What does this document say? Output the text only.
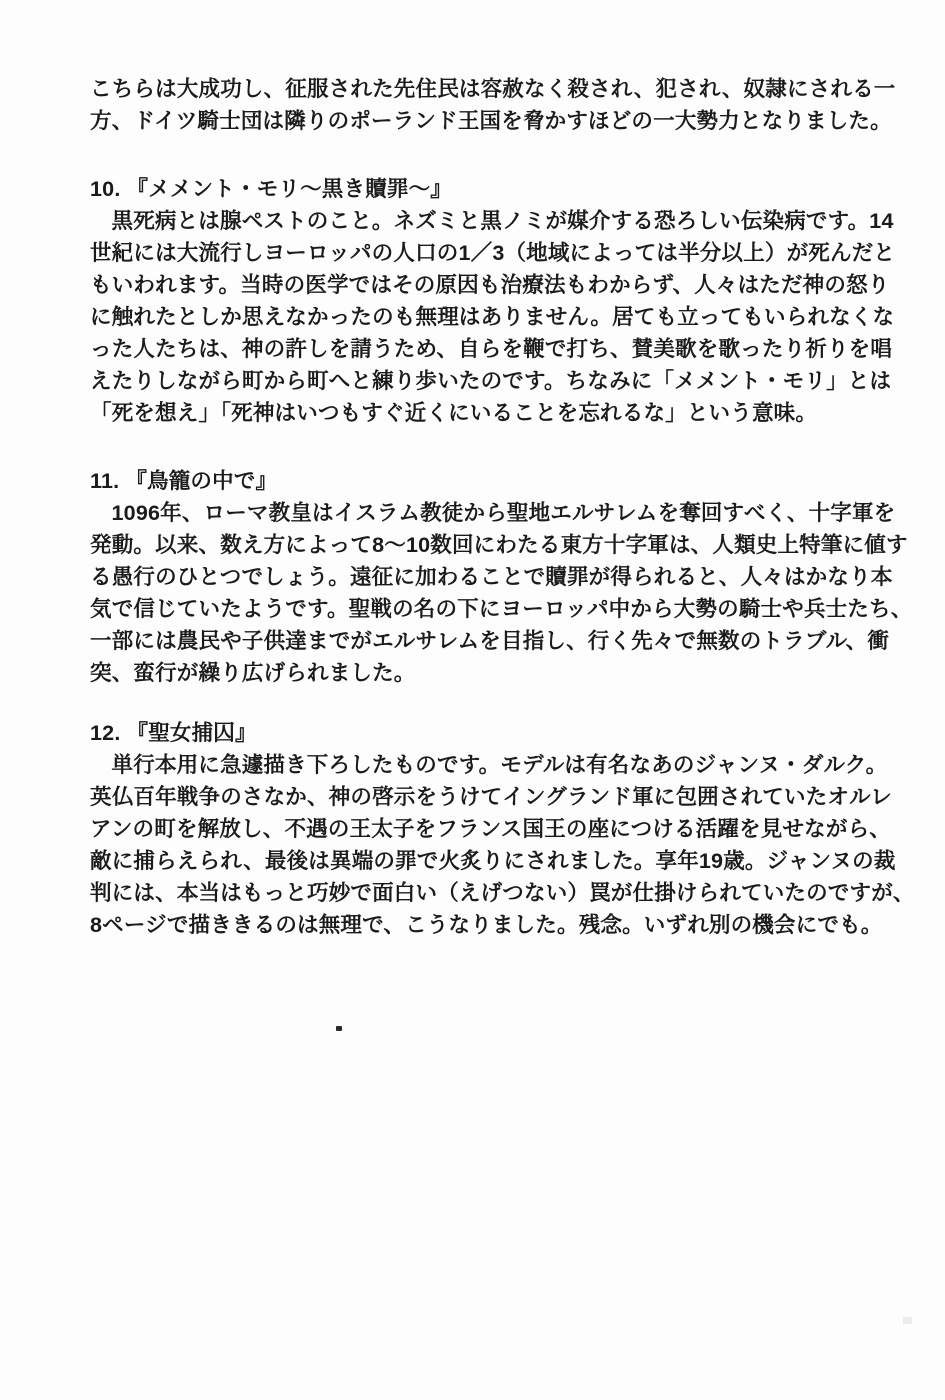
こちらは大成功し、征服された先住民は容赦なく殺され、犯され、奴隷にされる一
方、ドイツ騎士団は隣りのポーランド王国を脅かすほどの一大勢力となりました。
10. 『メメント・モリ〜黒き贖罪〜』
黒死病とは腺ペストのこと。ネズミと黒ノミが媒介する恐ろしい伝染病です。14
世紀には大流行しヨーロッパの人口の1／3（地域によっては半分以上）が死んだと
もいわれます。当時の医学ではその原因も治療法もわからず、人々はただ神の怒り
に触れたとしか思えなかったのも無理はありません。居ても立ってもいられなくな
った人たちは、神の許しを請うため、自らを鞭で打ち、賛美歌を歌ったり祈りを唱
えたりしながら町から町へと練り歩いたのです。ちなみに「メメント・モリ」とは
「死を想え」「死神はいつもすぐ近くにいることを忘れるな」という意味。
11. 『鳥籠の中で』
1096年、ローマ教皇はイスラム教徒から聖地エルサレムを奪回すべく、十字軍を
発動。以来、数え方によって8〜10数回にわたる東方十字軍は、人類史上特筆に値す
る愚行のひとつでしょう。遠征に加わることで贖罪が得られると、人々はかなり本
気で信じていたようです。聖戦の名の下にヨーロッパ中から大勢の騎士や兵士たち、
一部には農民や子供達までがエルサレムを目指し、行く先々で無数のトラブル、衝
突、蛮行が繰り広げられました。
12. 『聖女捕囚』
単行本用に急遽描き下ろしたものです。モデルは有名なあのジャンヌ・ダルク。
英仏百年戦争のさなか、神の啓示をうけてイングランド軍に包囲されていたオルレ
アンの町を解放し、不遇の王太子をフランス国王の座につける活躍を見せながら、
敵に捕らえられ、最後は異端の罪で火炙りにされました。享年19歳。ジャンヌの裁
判には、本当はもっと巧妙で面白い（えげつない）罠が仕掛けられていたのですが、
8ページで描ききるのは無理で、こうなりました。残念。いずれ別の機会にでも。
